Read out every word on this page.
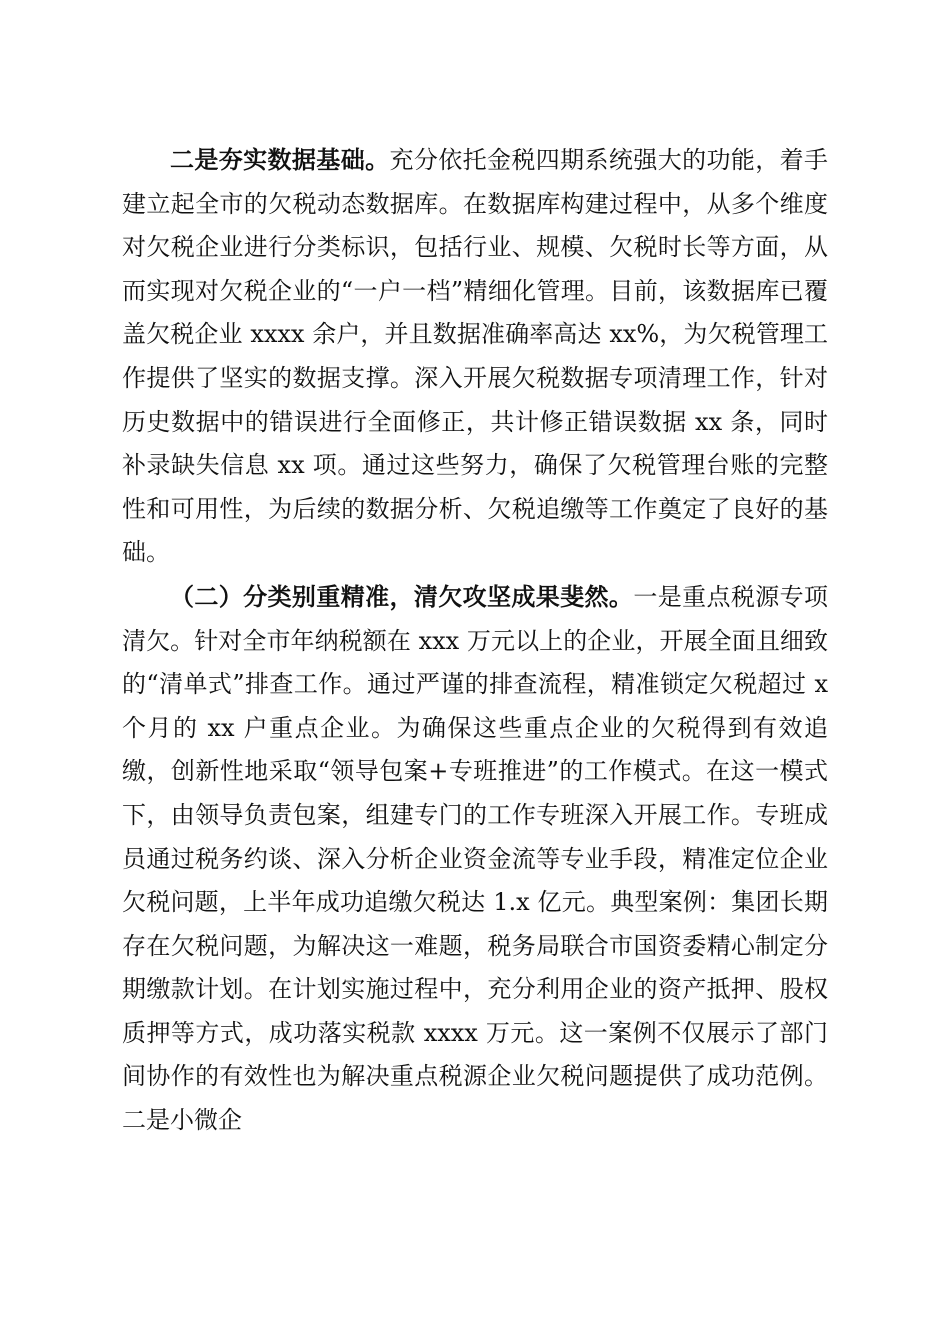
二是夯实数据基础。充分依托金税四期系统强大的功能，着手建立起全市的欠税动态数据库。在数据库构建过程中，从多个维度对欠税企业进行分类标识，包括行业、规模、欠税时长等方面，从而实现对欠税企业的“一户一档”精细化管理。目前，该数据库已覆盖欠税企业 xxxx 余户，并且数据准确率高达 xx%，为欠税管理工作提供了坚实的数据支撑。深入开展欠税数据专项清理工作，针对历史数据中的错误进行全面修正，共计修正错误数据 xx 条，同时补录缺失信息 xx 项。通过这些努力，确保了欠税管理台账的完整性和可用性，为后续的数据分析、欠税追缴等工作奠定了良好的基础。

（二）分类别重精准，清欠攻坚成果斐然。一是重点税源专项清欠。针对全市年纳税额在 xxx 万元以上的企业，开展全面且细致的“清单式”排查工作。通过严谨的排查流程，精准锁定欠税超过 x 个月的 xx 户重点企业。为确保这些重点企业的欠税得到有效追缴，创新性地采取“领导包案+专班推进”的工作模式。在这一模式下，由领导负责包案，组建专门的工作专班深入开展工作。专班成员通过税务约谈、深入分析企业资金流等专业手段，精准定位企业欠税问题，上半年成功追缴欠税达 1.x 亿元。典型案例：集团长期存在欠税问题，为解决这一难题，税务局联合市国资委精心制定分期缴款计划。在计划实施过程中，充分利用企业的资产抵押、股权质押等方式，成功落实税款 xxxx 万元。这一案例不仅展示了部门间协作的有效性也为解决重点税源企业欠税问题提供了成功范例。二是小微企
